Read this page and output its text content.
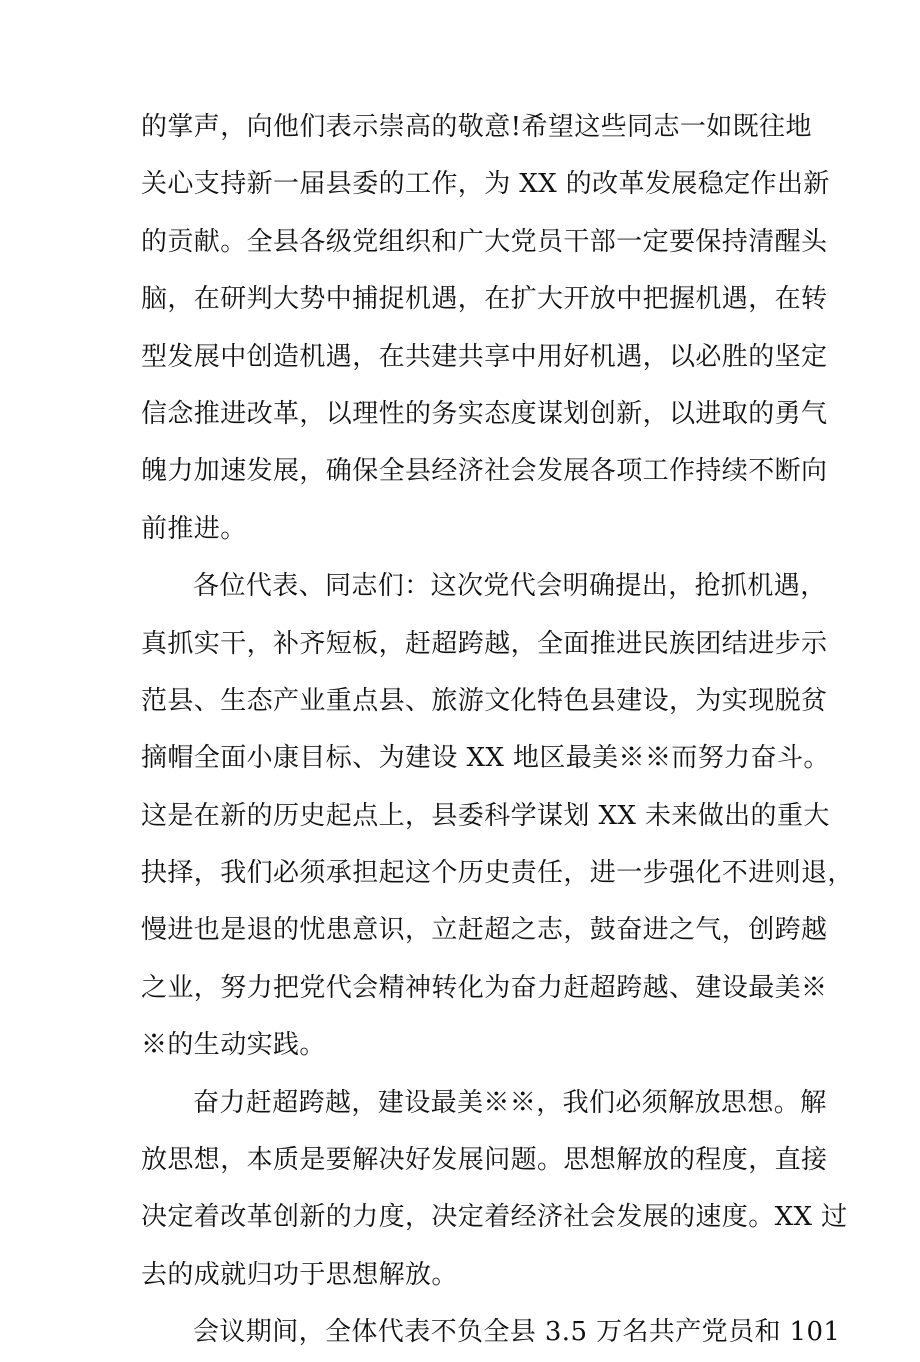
的掌声，向他们表示崇高的敬意!希望这些同志一如既往地
关心支持新一届县委的工作，为 XX 的改革发展稳定作出新
的贡献。全县各级党组织和广大党员干部一定要保持清醒头
脑，在研判大势中捕捉机遇，在扩大开放中把握机遇，在转
型发展中创造机遇，在共建共享中用好机遇，以必胜的坚定
信念推进改革，以理性的务实态度谋划创新，以进取的勇气
魄力加速发展，确保全县经济社会发展各项工作持续不断向
前推进。
各位代表、同志们：这次党代会明确提出，抢抓机遇，
真抓实干，补齐短板，赶超跨越，全面推进民族团结进步示
范县、生态产业重点县、旅游文化特色县建设，为实现脱贫
摘帽全面小康目标、为建设 XX 地区最美※※而努力奋斗。
这是在新的历史起点上，县委科学谋划 XX 未来做出的重大
抉择，我们必须承担起这个历史责任，进一步强化不进则退，
慢进也是退的忧患意识，立赶超之志，鼓奋进之气，创跨越
之业，努力把党代会精神转化为奋力赶超跨越、建设最美※
※的生动实践。
奋力赶超跨越，建设最美※※，我们必须解放思想。解
放思想，本质是要解决好发展问题。思想解放的程度，直接
决定着改革创新的力度，决定着经济社会发展的速度。XX 过
去的成就归功于思想解放。
会议期间，全体代表不负全县 3.5 万名共产党员和 101
